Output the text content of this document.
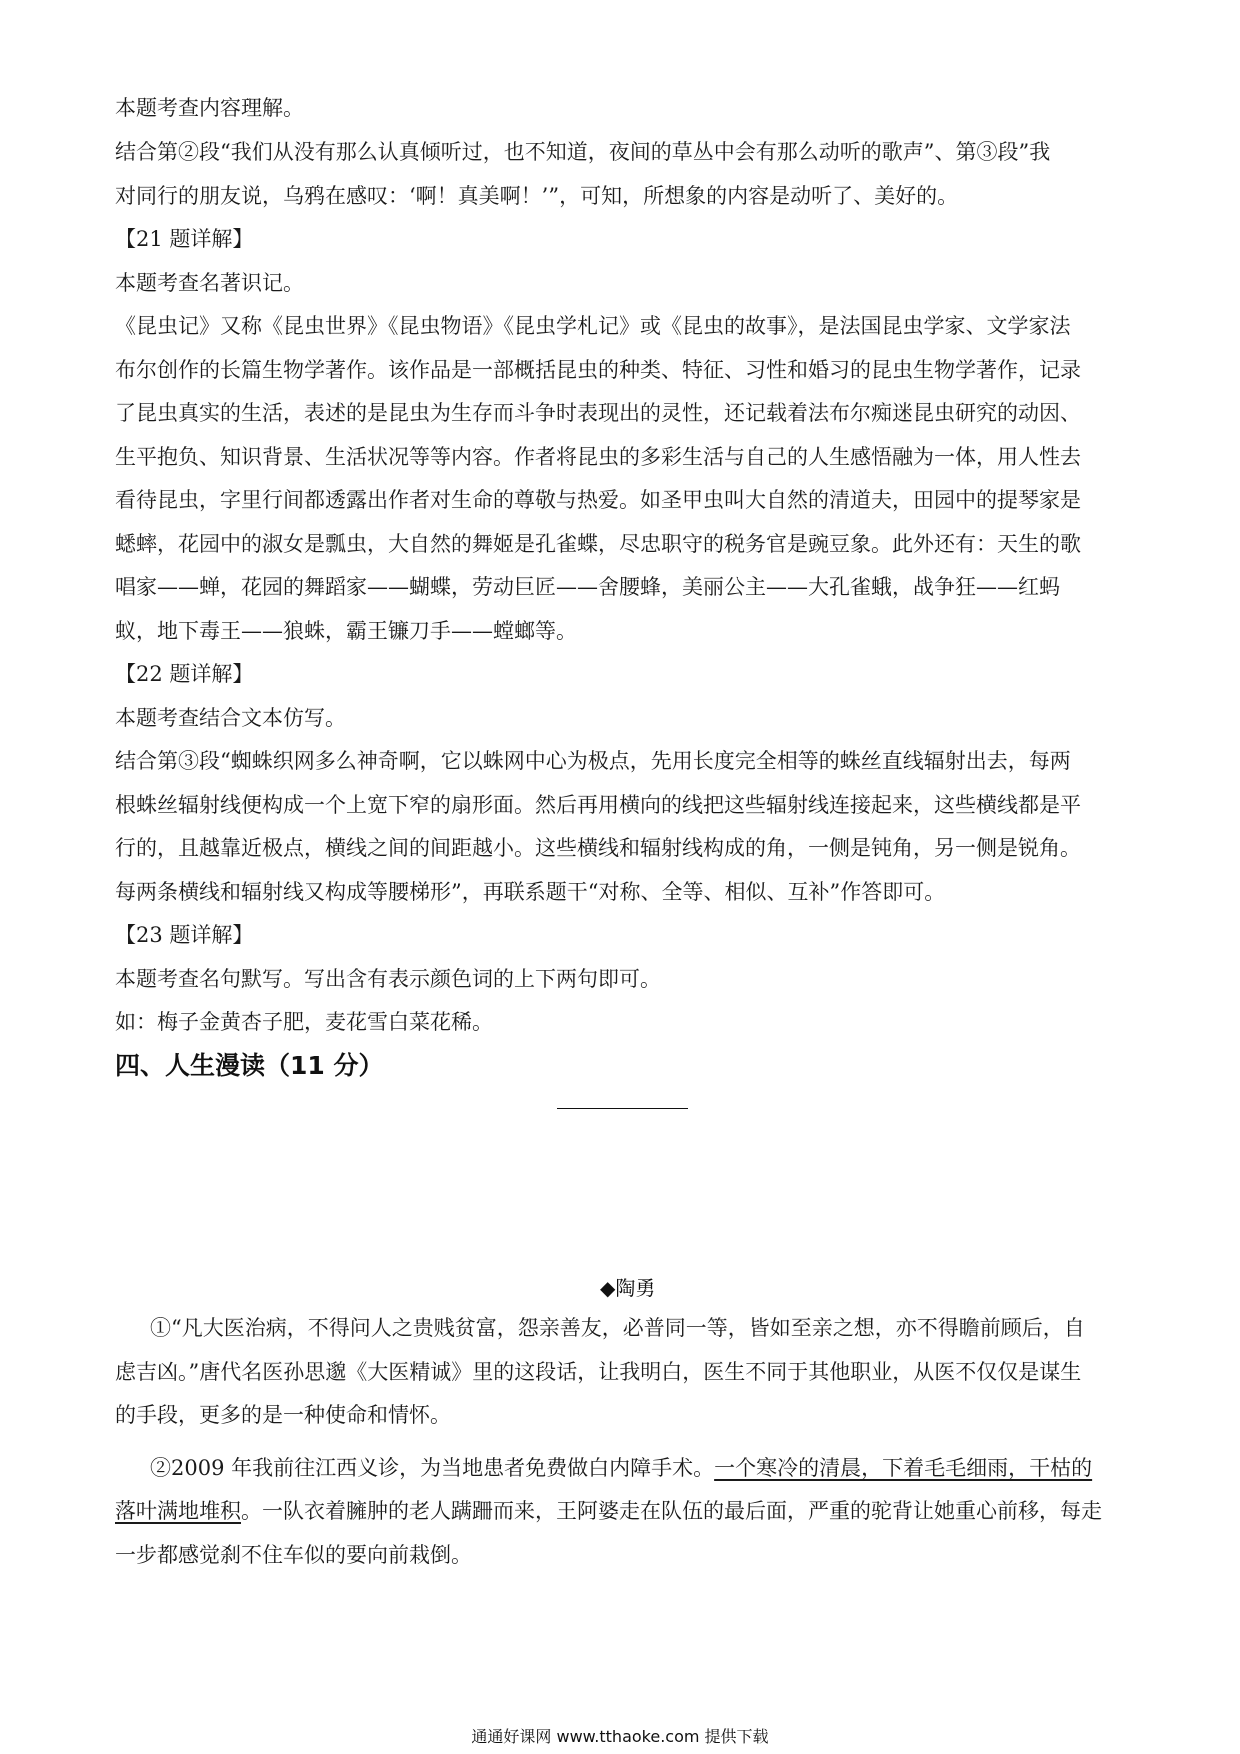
本题考查内容理解。
结合第②段“我们从没有那么认真倾听过，也不知道，夜间的草丛中会有那么动听的歌声”、第③段”我
对同行的朋友说，乌鸦在感叹：‘啊！真美啊！’”，可知，所想象的内容是动听了、美好的。
【21 题详解】
本题考查名著识记。
《昆虫记》又称《昆虫世界》《昆虫物语》《昆虫学札记》或《昆虫的故事》，是法国昆虫学家、文学家法
布尔创作的长篇生物学著作。该作品是一部概括昆虫的种类、特征、习性和婚习的昆虫生物学著作，记录
了昆虫真实的生活，表述的是昆虫为生存而斗争时表现出的灵性，还记载着法布尔痴迷昆虫研究的动因、
生平抱负、知识背景、生活状况等等内容。作者将昆虫的多彩生活与自己的人生感悟融为一体，用人性去
看待昆虫，字里行间都透露出作者对生命的尊敬与热爱。如圣甲虫叫大自然的清道夫，田园中的提琴家是
蟋蟀，花园中的淑女是瓢虫，大自然的舞姬是孔雀蝶，尽忠职守的税务官是豌豆象。此外还有：天生的歌
唱家——蝉，花园的舞蹈家——蝴蝶，劳动巨匠——舍腰蜂，美丽公主——大孔雀蛾，战争狂——红蚂
蚁，地下毒王——狼蛛，霸王镰刀手——螳螂等。
【22 题详解】
本题考查结合文本仿写。
结合第③段“蜘蛛织网多么神奇啊，它以蛛网中心为极点，先用长度完全相等的蛛丝直线辐射出去，每两
根蛛丝辐射线便构成一个上宽下窄的扇形面。然后再用横向的线把这些辐射线连接起来，这些横线都是平
行的，且越靠近极点，横线之间的间距越小。这些横线和辐射线构成的角，一侧是钝角，另一侧是锐角。
每两条横线和辐射线又构成等腰梯形”，再联系题干“对称、全等、相似、互补”作答即可。
【23 题详解】
本题考查名句默写。写出含有表示颜色词的上下两句即可。
如：梅子金黄杏子肥，麦花雪白菜花稀。
四、人生漫读（11 分）
◆陶勇
①“凡大医治病，不得问人之贵贱贫富，怨亲善友，必普同一等，皆如至亲之想，亦不得瞻前顾后，自
虑吉凶。”唐代名医孙思邈《大医精诚》里的这段话，让我明白，医生不同于其他职业，从医不仅仅是谋生
的手段，更多的是一种使命和情怀。
②2009 年我前往江西义诊，为当地患者免费做白内障手术。一个寒冷的清晨，下着毛毛细雨，干枯的
落叶满地堆积。一队衣着臃肿的老人蹒跚而来，王阿婆走在队伍的最后面，严重的驼背让她重心前移，每走
一步都感觉刹不住车似的要向前栽倒。
通通好课网 www.tthaoke.com 提供下载
